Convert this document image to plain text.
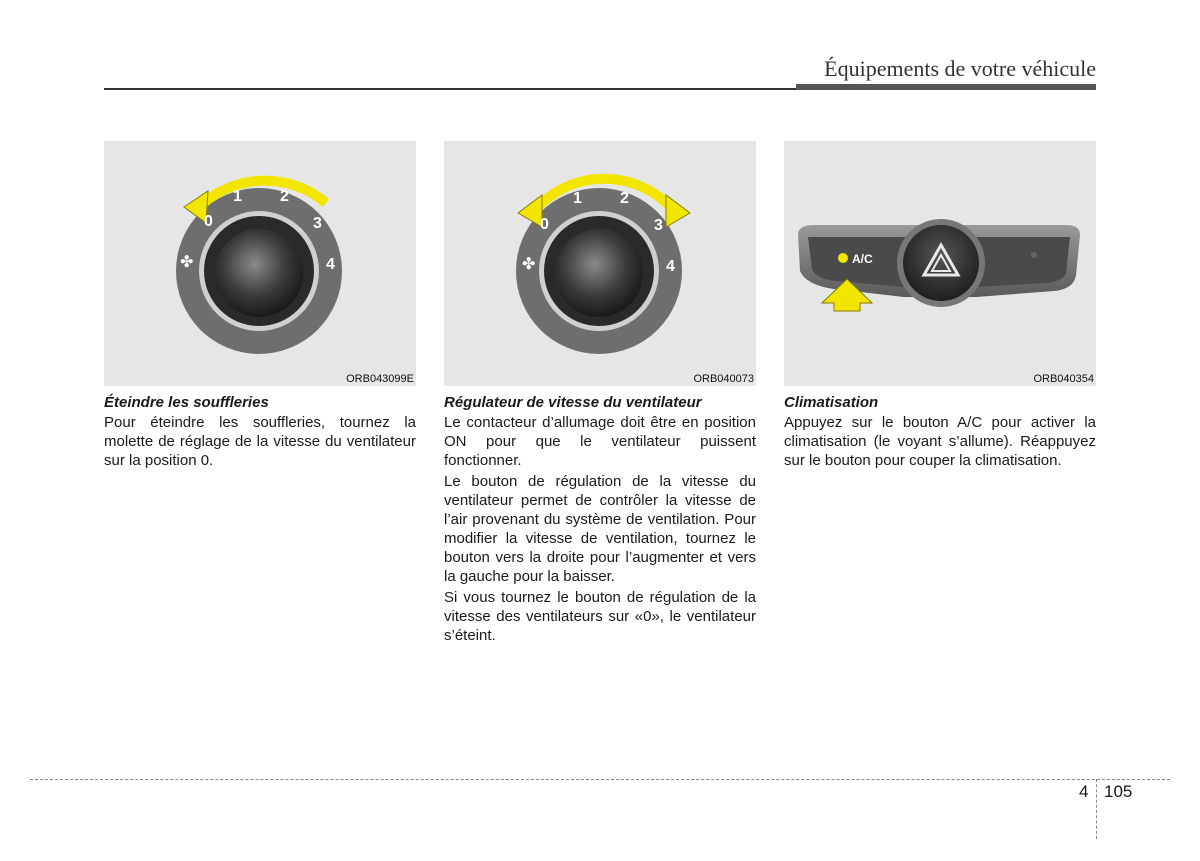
Équipements de votre véhicule
0
1 2
3
4
✤
ORB043099E
0
1 2
3
4
✤
ORB040073
A/C
ORB040354
Éteindre les souffleries

Pour éteindre les souffleries, tournez la molette de réglage de la vitesse du ventilateur sur la position 0.

Régulateur de vitesse du ventilateur

Le contacteur d’allumage doit être en position ON pour que le ventilateur puissent fonctionner.

Le bouton de régulation de la vitesse du ventilateur permet de contrôler la vitesse de l’air provenant du système de ventilation. Pour modifier la vitesse de ventilation, tournez le bouton vers la droite pour l’augmenter et vers la gauche pour la baisser.

Si vous tournez le bouton de régulation de la vitesse des ventilateurs sur «0», le ventilateur s’éteint.

Climatisation

Appuyez sur le bouton A/C pour activer la climatisation (le voyant s’allume). Réappuyez sur le bouton pour couper la climatisation.

4 105
